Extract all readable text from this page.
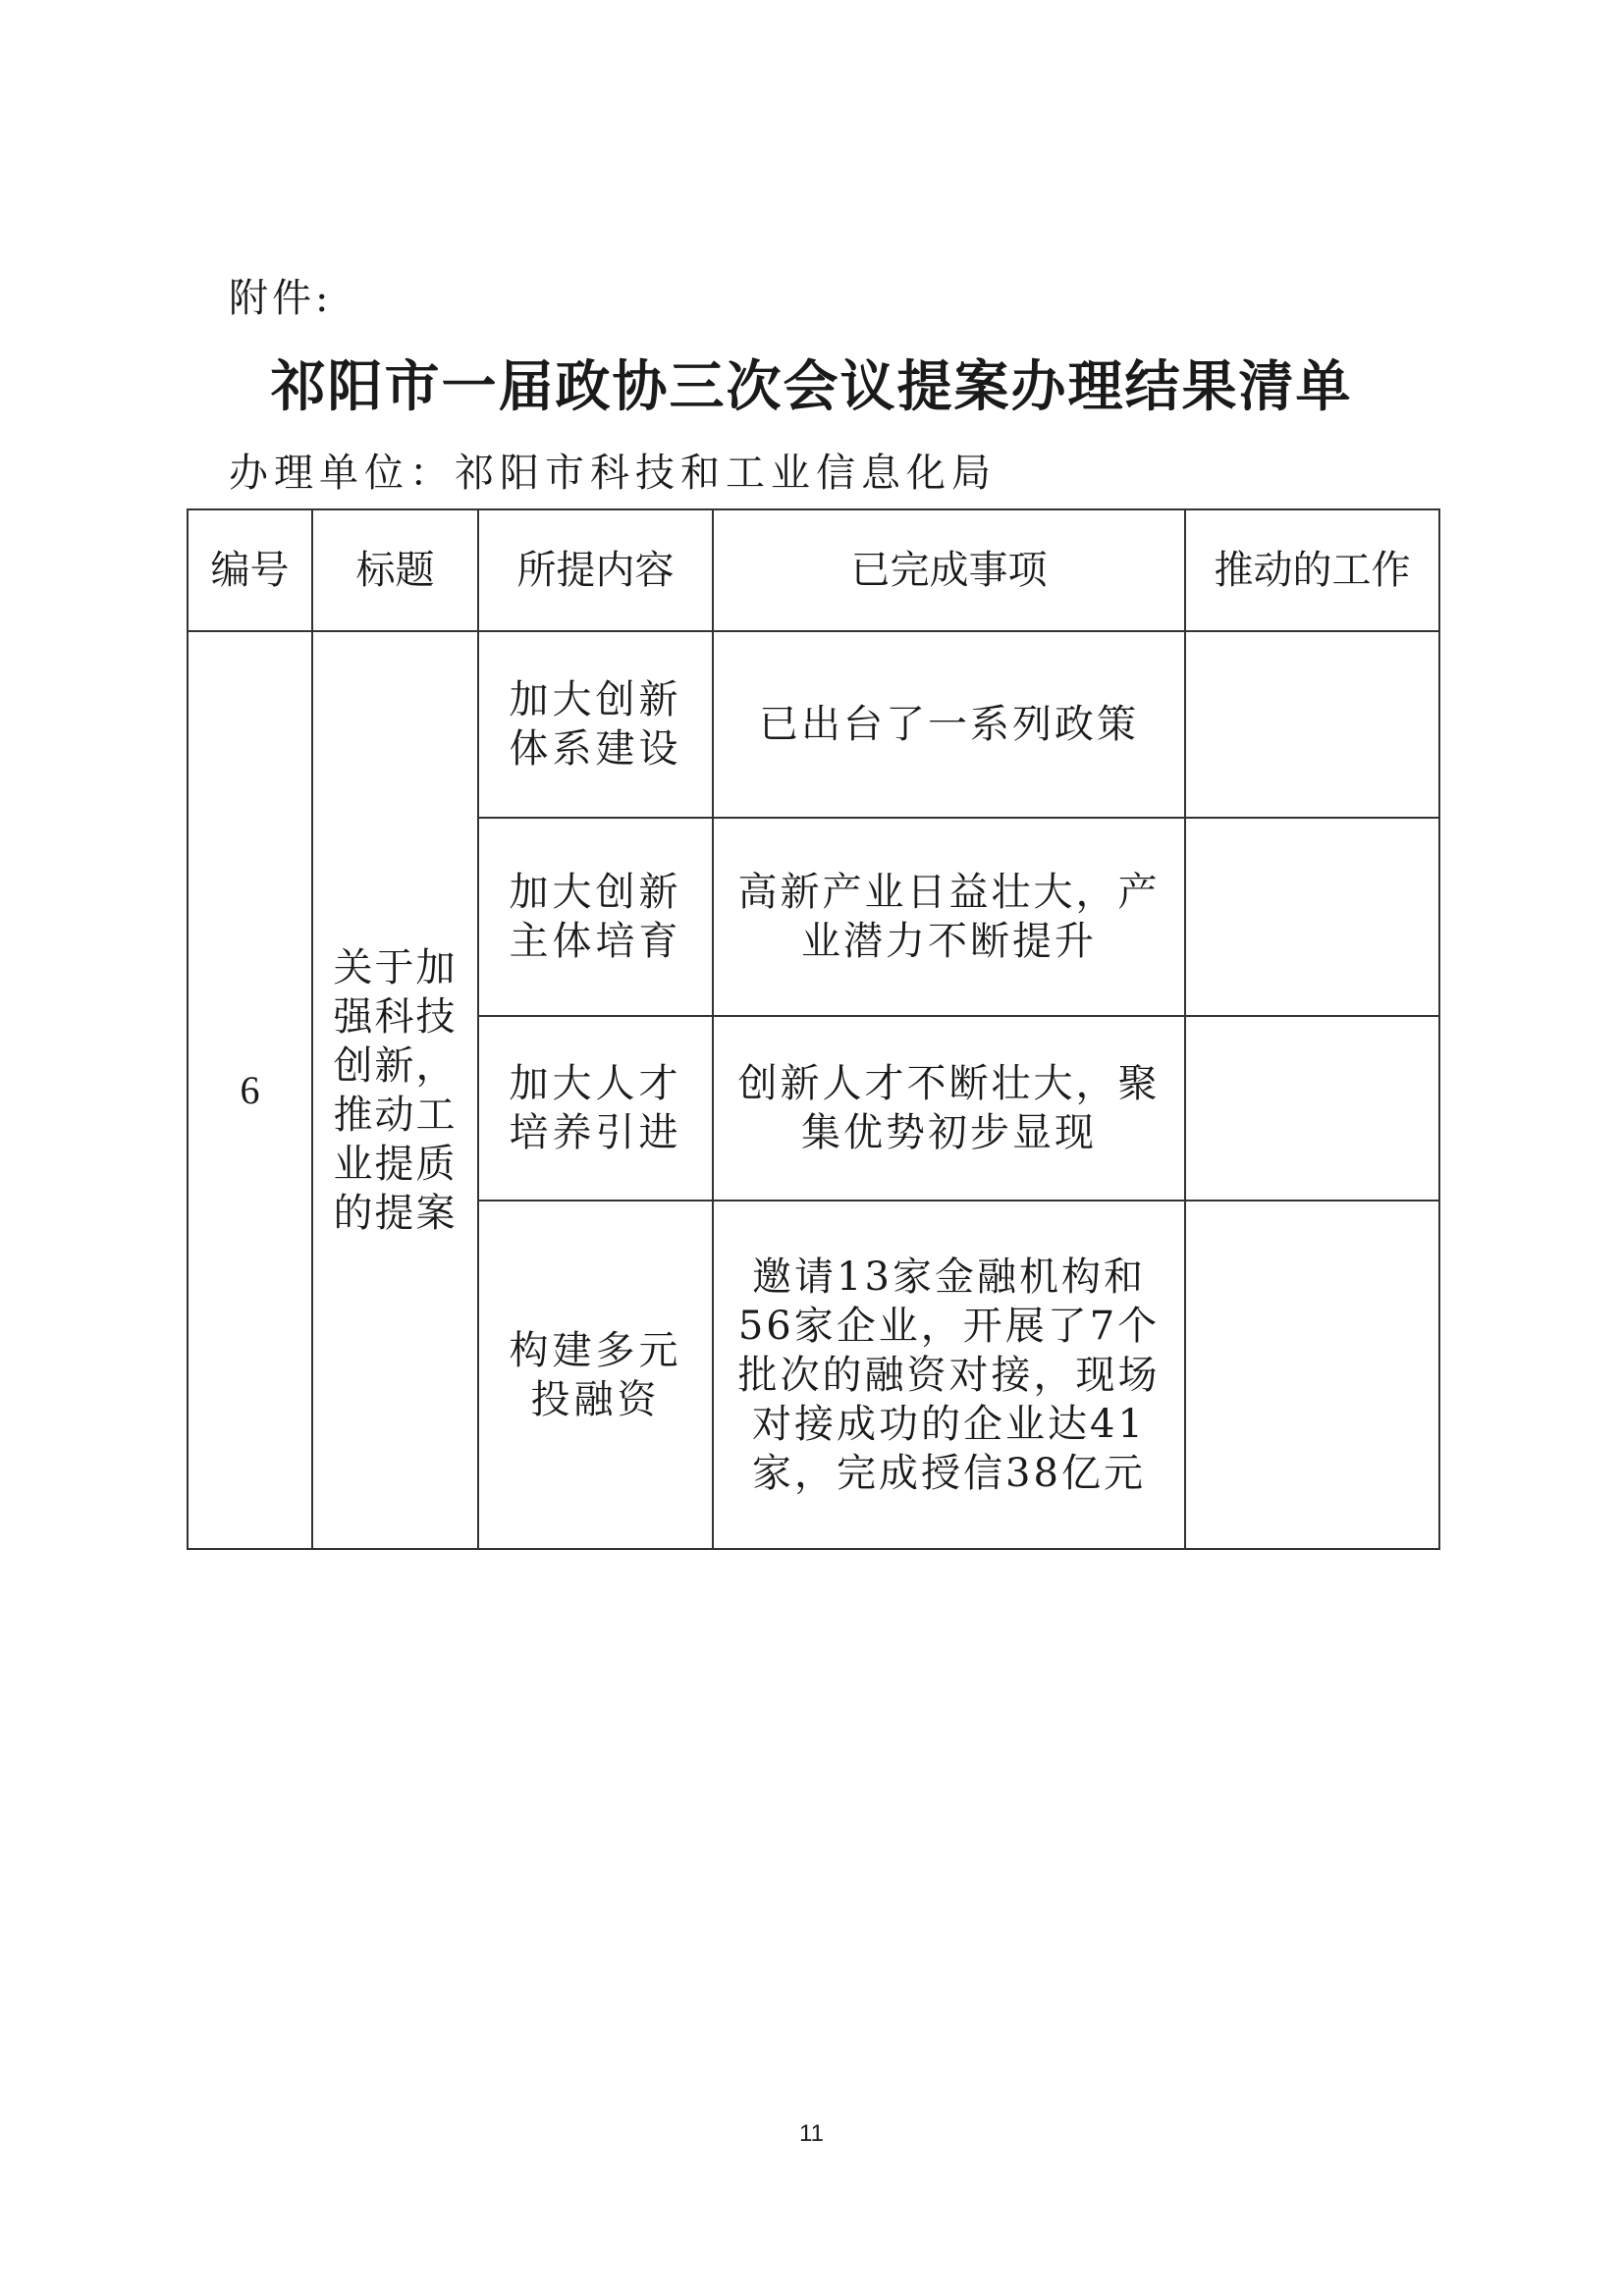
附件:
祁阳市一届政协三次会议提案办理结果清单
办理单位：祁阳市科技和工业信息化局
编号	标题	所提内容	已完成事项	推动的工作
6	关于加强科技创新，推动工业提质的提案	加大创新体系建设	已出台了一系列政策	
		加大创新主体培育	高新产业日益壮大，产业潜力不断提升	
		加大人才培养引进	创新人才不断壮大，聚集优势初步显现	
		构建多元投融资	邀请13家金融机构和56家企业，开展了7个批次的融资对接，现场对接成功的企业达41家，完成授信38亿元	
11
